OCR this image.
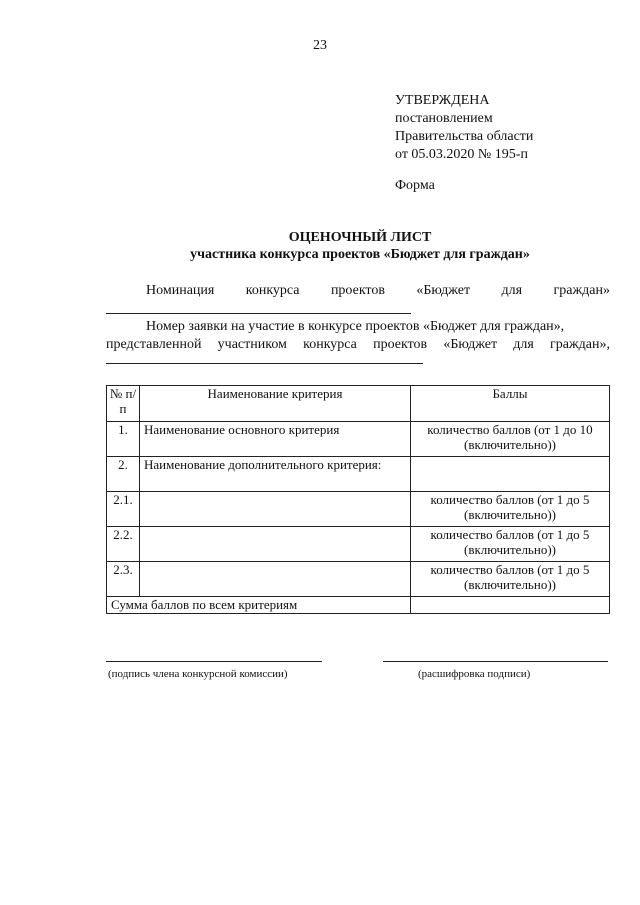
23
УТВЕРЖДЕНА
постановлением
Правительства области
от 05.03.2020 № 195-п
Форма
ОЦЕНОЧНЫЙ ЛИСТ
участника конкурса проектов «Бюджет для граждан»
Номинация конкурса проектов «Бюджет для граждан»
Номер заявки на участие в конкурсе проектов «Бюджет для граждан»,
представленной участником конкурса проектов «Бюджет для граждан»,
№ п/п	Наименование критерия	Баллы
1.	Наименование основного критерия	количество баллов (от 1 до 10 (включительно))
2.	Наименование дополнительного критерия:	
2.1.		количество баллов (от 1 до 5 (включительно))
2.2.		количество баллов (от 1 до 5 (включительно))
2.3.		количество баллов (от 1 до 5 (включительно))
Сумма баллов по всем критериям		
(подпись члена конкурсной комиссии)	(расшифровка подписи)
